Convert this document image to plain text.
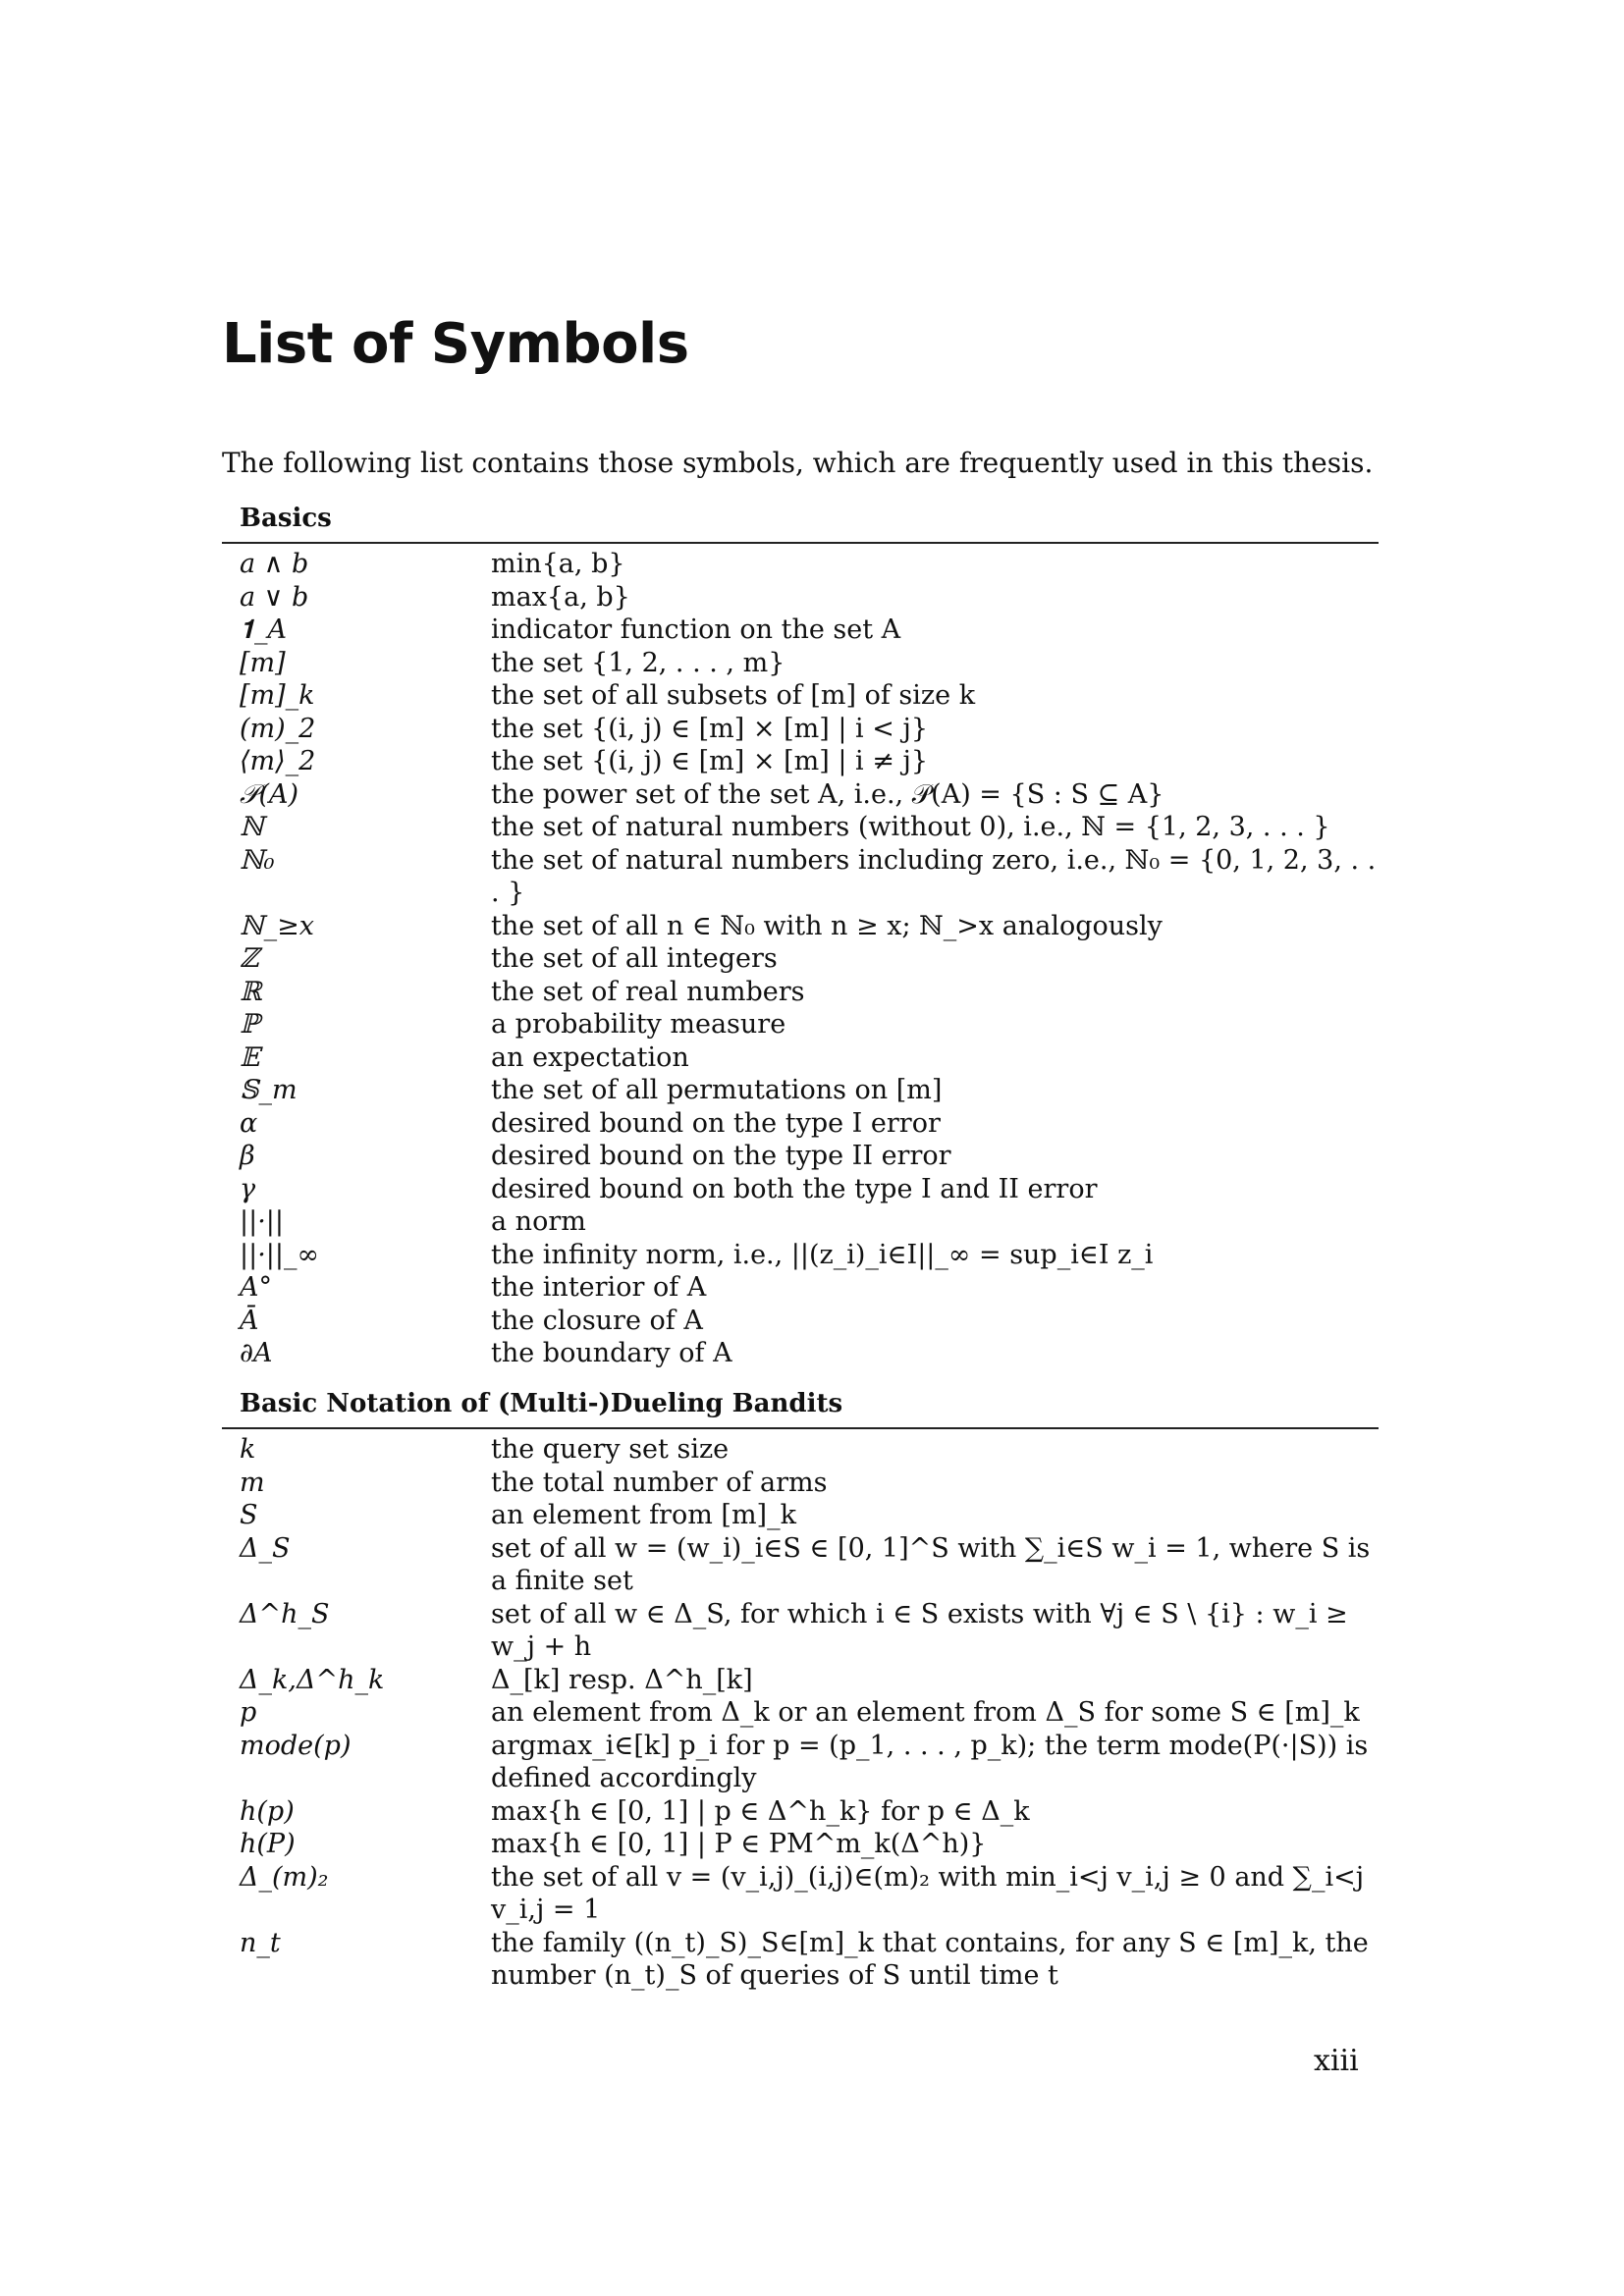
List of Symbols

The following list contains those symbols, which are frequently used in this thesis.

Basics
a ∧ b	min{a, b}
a ∨ b	max{a, b}
𝟏_A	indicator function on the set A
[m]	the set {1, 2, . . . , m}
[m]_k	the set of all subsets of [m] of size k
(m)_2	the set {(i, j) ∈ [m] × [m] | i < j}
⟨m⟩_2	the set {(i, j) ∈ [m] × [m] | i ≠ j}
𝒫(A)	the power set of the set A, i.e., 𝒫(A) = {S : S ⊆ A}
ℕ	the set of natural numbers (without 0), i.e., ℕ = {1, 2, 3, . . . }
ℕ₀	the set of natural numbers including zero, i.e., ℕ₀ = {0, 1, 2, 3, . . . }
ℕ_≥x	the set of all n ∈ ℕ₀ with n ≥ x; ℕ_>x analogously
ℤ	the set of all integers
ℝ	the set of real numbers
ℙ	a probability measure
𝔼	an expectation
𝕊_m	the set of all permutations on [m]
α	desired bound on the type I error
β	desired bound on the type II error
γ	desired bound on both the type I and II error
||·||	a norm
||·||_∞	the infinity norm, i.e., ||(z_i)_i∈I||_∞ = sup_i∈I z_i
A°	the interior of A
Ā	the closure of A
∂A	the boundary of A
Basic Notation of (Multi-)Dueling Bandits
k	the query set size
m	the total number of arms
S	an element from [m]_k
Δ_S	set of all w = (w_i)_i∈S ∈ [0, 1]^S with ∑_i∈S w_i = 1, where S is a finite set
Δ^h_S	set of all w ∈ Δ_S, for which i ∈ S exists with ∀j ∈ S \ {i} : w_i ≥ w_j + h
Δ_k,Δ^h_k	Δ_[k] resp. Δ^h_[k]
p	an element from Δ_k or an element from Δ_S for some S ∈ [m]_k
mode(p)	argmax_i∈[k] p_i for p = (p_1, . . . , p_k); the term mode(P(·|S)) is defined accordingly
h(p)	max{h ∈ [0, 1] | p ∈ Δ^h_k} for p ∈ Δ_k
h(P)	max{h ∈ [0, 1] | P ∈ PM^m_k(Δ^h)}
Δ_(m)₂	the set of all v = (v_i,j)_(i,j)∈(m)₂ with min_i<j v_i,j ≥ 0 and ∑_i<j v_i,j = 1
n_t	the family ((n_t)_S)_S∈[m]_k that contains, for any S ∈ [m]_k, the number (n_t)_S of queries of S until time t
xiii
